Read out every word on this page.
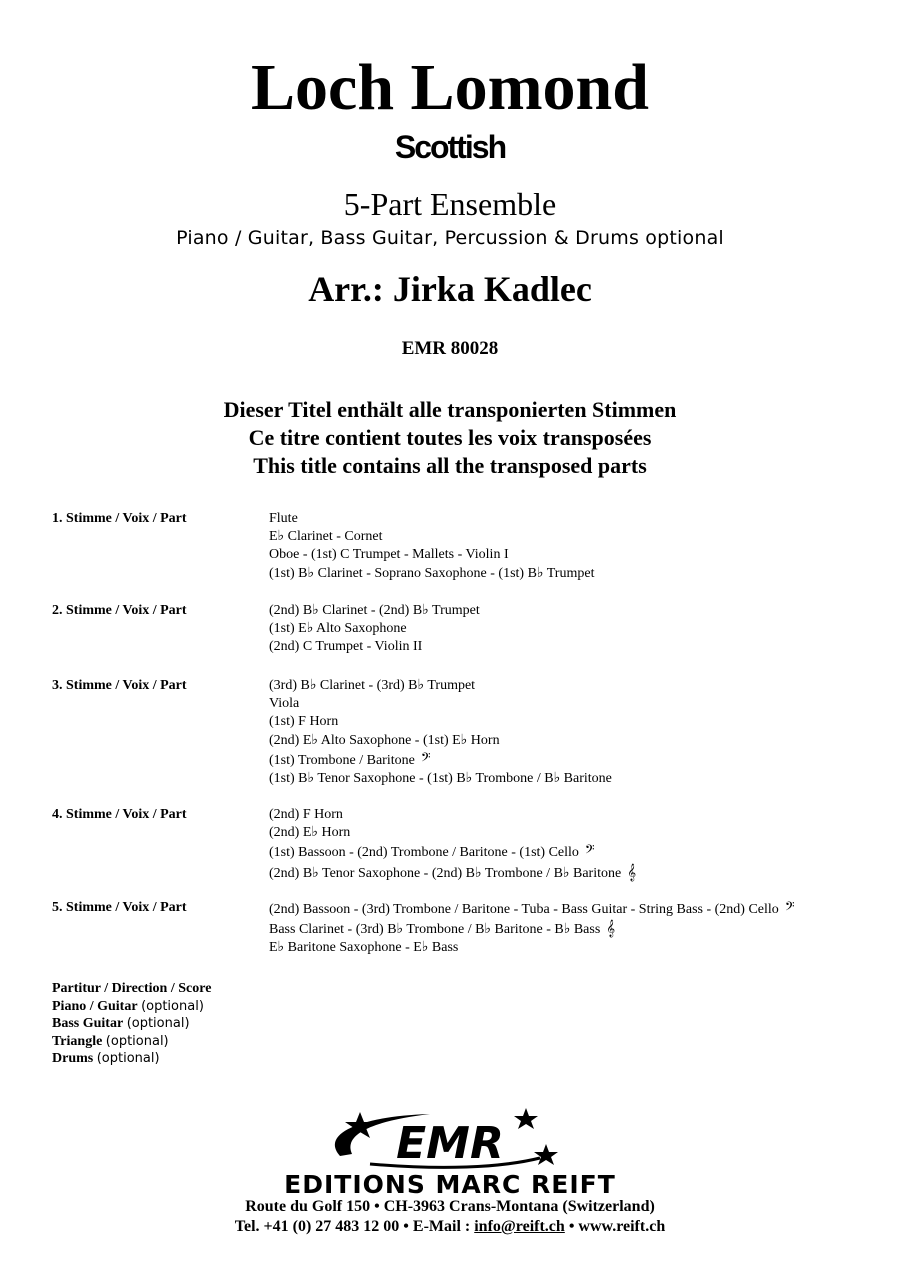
Loch Lomond
Scottish
5-Part Ensemble
Piano / Guitar, Bass Guitar, Percussion & Drums optional
Arr.: Jirka Kadlec
EMR 80028
Dieser Titel enthält alle transponierten Stimmen
Ce titre contient toutes les voix transposées
This title contains all the transposed parts
1. Stimme / Voix / Part	Flute
E♭ Clarinet - Cornet
Oboe - (1st) C Trumpet - Mallets - Violin I
(1st) B♭ Clarinet - Soprano Saxophone - (1st) B♭ Trumpet
2. Stimme / Voix / Part	(2nd) B♭ Clarinet - (2nd) B♭ Trumpet
(1st) E♭ Alto Saxophone
(2nd) C Trumpet - Violin II
3. Stimme / Voix / Part	(3rd) B♭ Clarinet - (3rd) B♭ Trumpet
Viola
(1st) F Horn
(2nd) E♭ Alto Saxophone - (1st) E♭ Horn
(1st) Trombone / Baritone 𝄢
(1st) B♭ Tenor Saxophone - (1st) B♭ Trombone / B♭ Baritone
4. Stimme / Voix / Part	(2nd) F Horn
(2nd) E♭ Horn
(1st) Bassoon - (2nd) Trombone / Baritone - (1st) Cello 𝄢
(2nd) B♭ Tenor Saxophone - (2nd) B♭ Trombone / B♭ Baritone 𝄞
5. Stimme / Voix / Part	(2nd) Bassoon - (3rd) Trombone / Baritone - Tuba - Bass Guitar - String Bass - (2nd) Cello 𝄢
Bass Clarinet - (3rd) B♭ Trombone / B♭ Baritone - B♭ Bass 𝄞
E♭ Baritone Saxophone - E♭ Bass
Partitur / Direction / Score
Piano / Guitar (optional)
Bass Guitar (optional)
Triangle (optional)
Drums (optional)
EMR
EDITIONS MARC REIFT
Route du Golf 150 • CH-3963 Crans-Montana (Switzerland)
Tel. +41 (0) 27 483 12 00 • E-Mail : info@reift.ch • www.reift.ch
